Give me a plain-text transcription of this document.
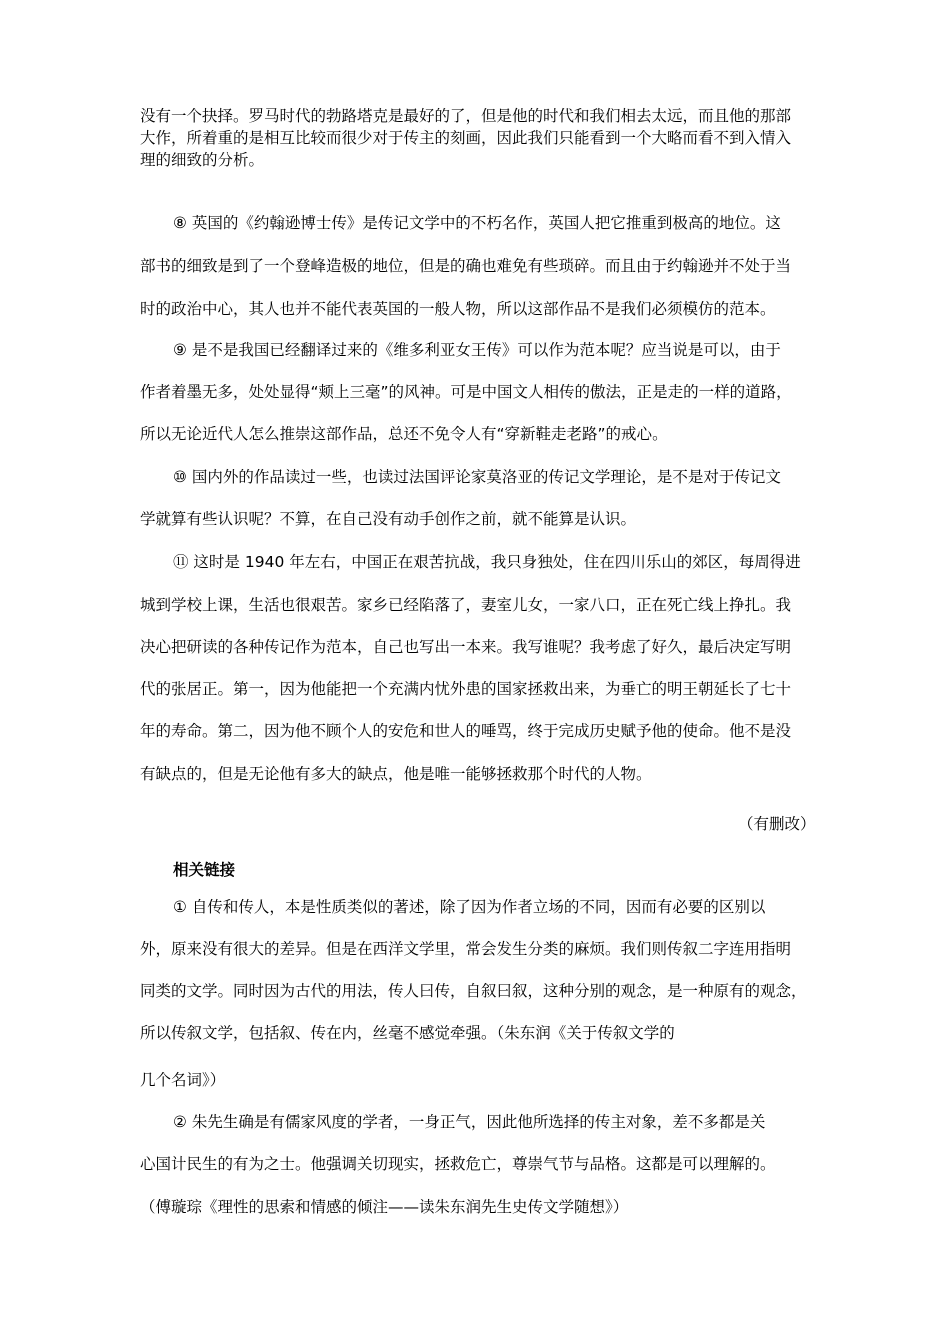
没有一个抉择。罗马时代的勃路塔克是最好的了，但是他的时代和我们相去太远，而且他的那部
大作，所着重的是相互比较而很少对于传主的刻画，因此我们只能看到一个大略而看不到入情入
理的细致的分析。
⑧ 英国的《约翰逊博士传》是传记文学中的不朽名作，英国人把它推重到极高的地位。这
部书的细致是到了一个登峰造极的地位，但是的确也难免有些琐碎。而且由于约翰逊并不处于当
时的政治中心，其人也并不能代表英国的一般人物，所以这部作品不是我们必须模仿的范本。
⑨ 是不是我国已经翻译过来的《维多利亚女王传》可以作为范本呢？应当说是可以，由于
作者着墨无多，处处显得“颊上三毫”的风神。可是中国文人相传的傲法，正是走的一样的道路，
所以无论近代人怎么推崇这部作品，总还不免令人有“穿新鞋走老路”的戒心。
⑩ 国内外的作品读过一些，也读过法国评论家莫洛亚的传记文学理论，是不是对于传记文
学就算有些认识呢？不算，在自己没有动手创作之前，就不能算是认识。
⑪ 这时是 1940 年左右，中国正在艰苦抗战，我只身独处，住在四川乐山的郊区，每周得进
城到学校上课，生活也很艰苦。家乡已经陷落了，妻室儿女，一家八口，正在死亡线上挣扎。我
决心把研读的各种传记作为范本，自己也写出一本来。我写谁呢？我考虑了好久，最后决定写明
代的张居正。第一，因为他能把一个充满内忧外患的国家拯救出来，为垂亡的明王朝延长了七十
年的寿命。第二，因为他不顾个人的安危和世人的唾骂，终于完成历史赋予他的使命。他不是没
有缺点的，但是无论他有多大的缺点，他是唯一能够拯救那个时代的人物。
（有删改）
相关链接
① 自传和传人，本是性质类似的著述，除了因为作者立场的不同，因而有必要的区别以
外，原来没有很大的差异。但是在西洋文学里，常会发生分类的麻烦。我们则传叙二字连用指明
同类的文学。同时因为古代的用法，传人曰传，自叙曰叙，这种分别的观念，是一种原有的观念，
所以传叙文学，包括叙、传在内，丝毫不感觉牵强。（朱东润《关于传叙文学的
几个名词》）
② 朱先生确是有儒家风度的学者，一身正气，因此他所选择的传主对象，差不多都是关
心国计民生的有为之士。他强调关切现实，拯救危亡，尊崇气节与品格。这都是可以理解的。
（傅璇琮《理性的思索和情感的倾注——读朱东润先生史传文学随想》）
